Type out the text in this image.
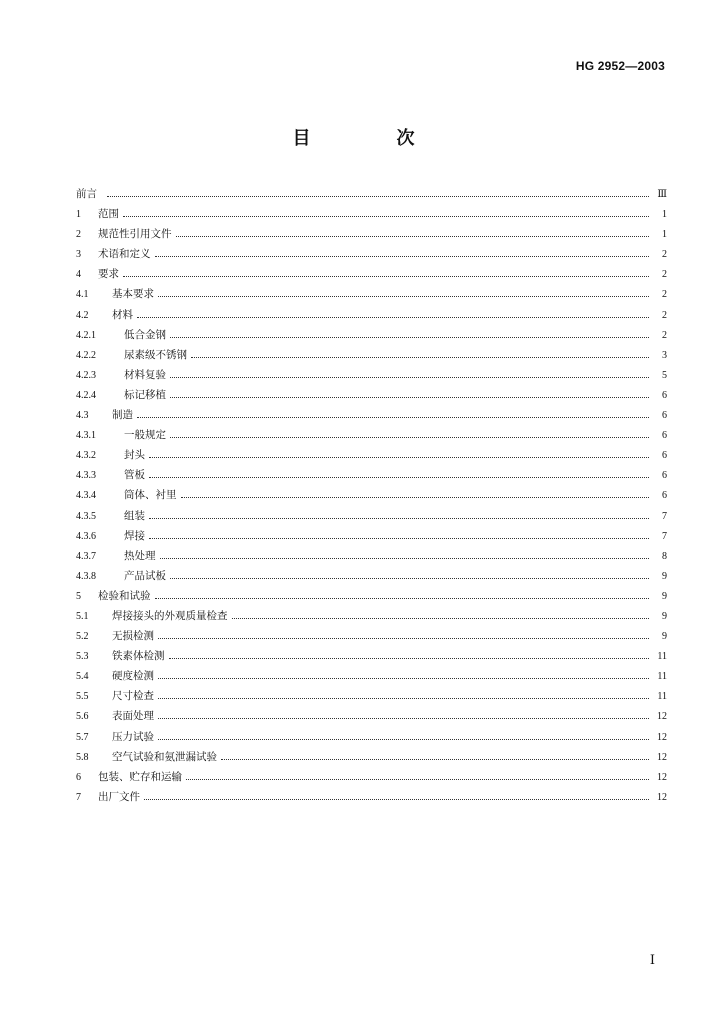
HG 2952—2003
目　次
前言	Ⅲ
1	范围	1
2	规范性引用文件	1
3	术语和定义	2
4	要求	2
4.1	基本要求	2
4.2	材料	2
4.2.1	低合金钢	2
4.2.2	尿素级不锈钢	3
4.2.3	材料复验	5
4.2.4	标记移植	6
4.3	制造	6
4.3.1	一般规定	6
4.3.2	封头	6
4.3.3	管板	6
4.3.4	筒体、衬里	6
4.3.5	组装	7
4.3.6	焊接	7
4.3.7	热处理	8
4.3.8	产品试板	9
5	检验和试验	9
5.1	焊接接头的外观质量检查	9
5.2	无损检测	9
5.3	铁素体检测	11
5.4	硬度检测	11
5.5	尺寸检查	11
5.6	表面处理	12
5.7	压力试验	12
5.8	空气试验和氨泄漏试验	12
6	包装、贮存和运输	12
7	出厂文件	12
Ⅰ
